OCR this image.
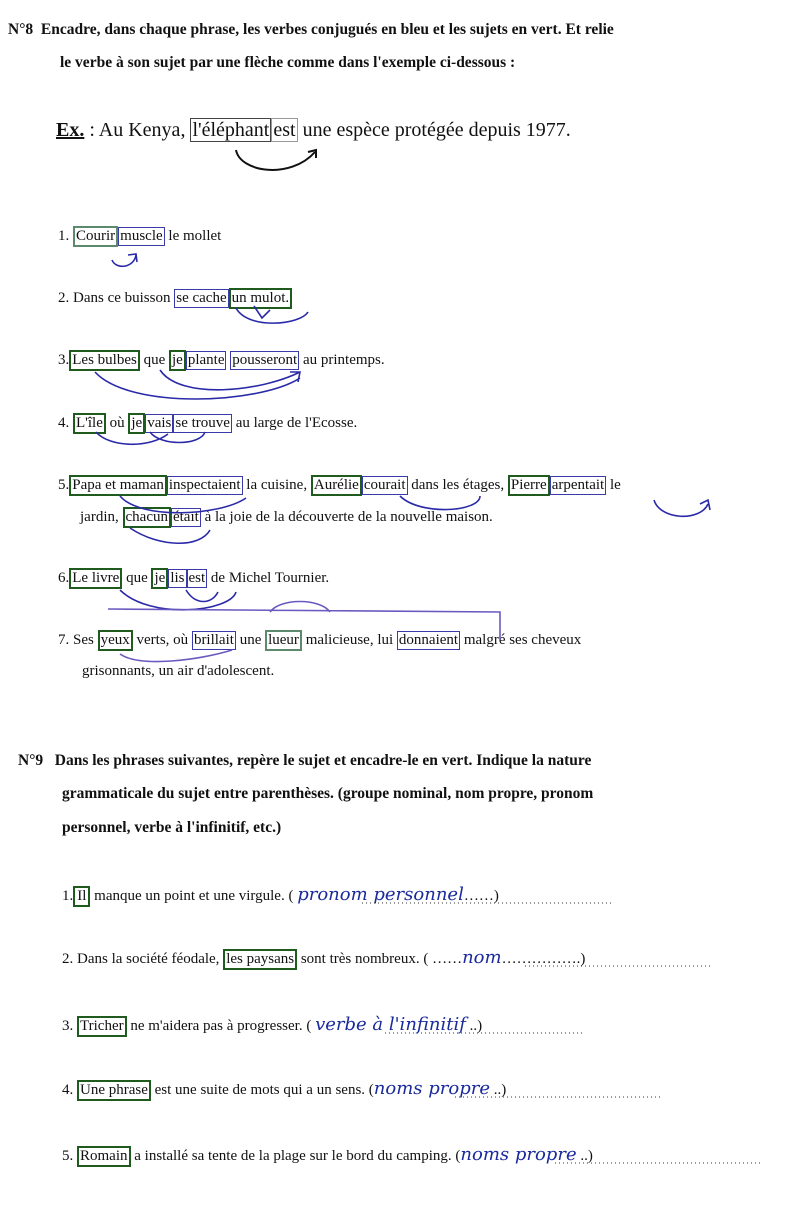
N°8 Encadre, dans chaque phrase, les verbes conjugués en bleu et les sujets en vert. Et relie
le verbe à son sujet par une flèche comme dans l'exemple ci-dessous :
Ex. : Au Kenya, l'éléphant est une espèce protégée depuis 1977.
1. Courir muscle le mollet
2. Dans ce buisson se cache un mulot.
3. Les bulbes que je plante pousseront au printemps.
4. L'île où je vais se trouve au large de l'Ecosse.
5. Papa et maman inspectaient la cuisine, Aurélie courait dans les étages, Pierre arpentait le
jardin, chacun était à la joie de la découverte de la nouvelle maison.
6. Le livre que je lis est de Michel Tournier.
7. Ses yeux verts, où brillait une lueur malicieuse, lui donnaient malgré ses cheveux
grisonnants, un air d'adolescent.
N°9 Dans les phrases suivantes, repère le sujet et encadre-le en vert. Indique la nature
grammaticale du sujet entre parenthèses. (groupe nominal, nom propre, pronom
personnel, verbe à l'infinitif, etc.)
1. Il manque un point et une virgule. ( pronom personnel……)
2. Dans la société féodale, les paysans sont très nombreux. ( ……nom…………….)
3. Tricher ne m'aidera pas à progresser. ( verbe à l'infinitif ..)
4. Une phrase est une suite de mots qui a un sens. (noms propre ..)
5. Romain a installé sa tente de la plage sur le bord du camping. (noms propre ..)
